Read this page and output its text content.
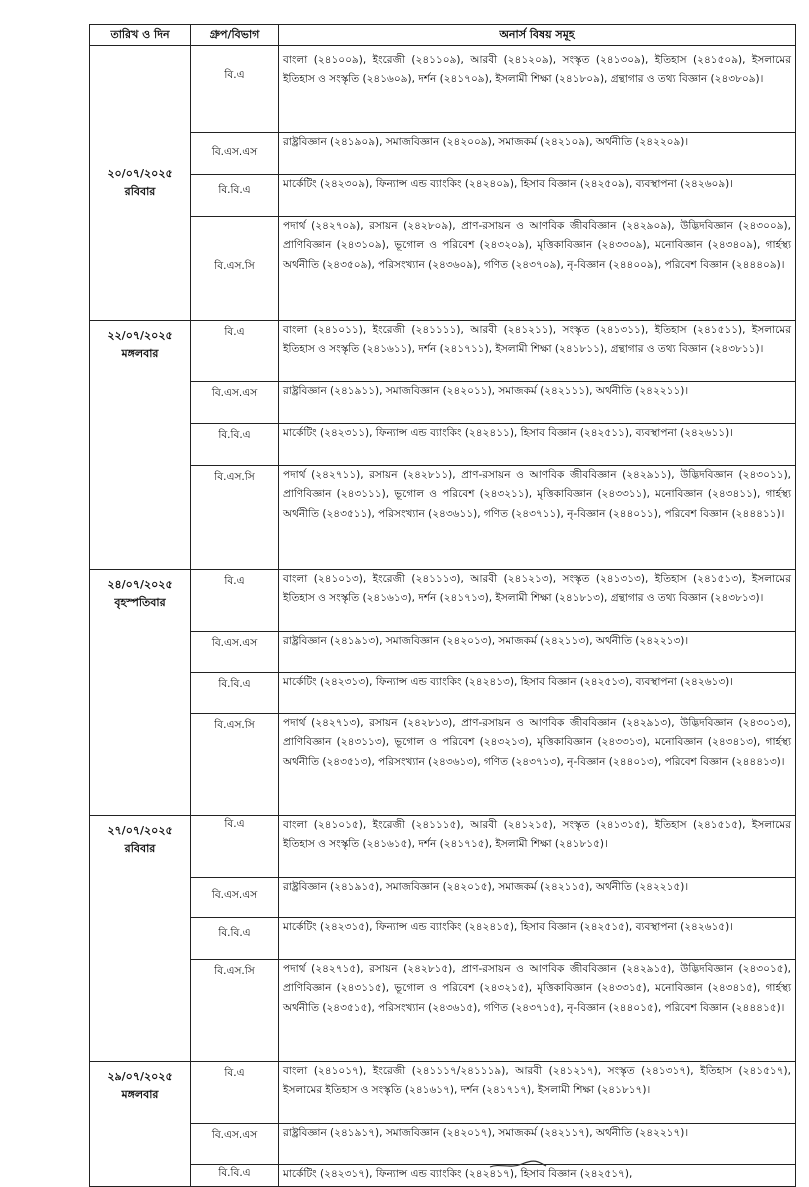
তারিখ ও দিন	গ্রুপ/বিভাগ	অনার্স বিষয় সমূহ

২০/০৭/২০২৫
রবিবার	বি.এ	বাংলা (২৪১০০৯), ইংরেজী (২৪১১০৯), আরবী (২৪১২০৯), সংস্কৃত (২৪১৩০৯), ইতিহাস (২৪১৫০৯), ইসলামের ইতিহাস ও সংস্কৃতি (২৪১৬০৯), দর্শন (২৪১৭০৯), ইসলামী শিক্ষা (২৪১৮০৯), গ্রন্থাগার ও তথ্য বিজ্ঞান (২৪৩৮০৯)।
	বি.এস.এস	রাষ্ট্রবিজ্ঞান (২৪১৯০৯), সমাজবিজ্ঞান (২৪২০০৯), সমাজকর্ম (২৪২১০৯), অর্থনীতি (২৪২২০৯)।
	বি.বি.এ	মার্কেটিং (২৪২৩০৯), ফিন্যান্স এন্ড ব্যাংকিং (২৪২৪০৯), হিসাব বিজ্ঞান (২৪২৫০৯), ব্যবস্থাপনা (২৪২৬০৯)।
	বি.এস.সি	পদার্থ (২৪২৭০৯), রসায়ন (২৪২৮০৯), প্রাণ-রসায়ন ও আণবিক জীববিজ্ঞান (২৪২৯০৯), উদ্ভিদবিজ্ঞান (২৪৩০০৯), প্রাণিবিজ্ঞান (২৪৩১০৯), ভূগোল ও পরিবেশ (২৪৩২০৯), মৃত্তিকাবিজ্ঞান (২৪৩৩০৯), মনোবিজ্ঞান (২৪৩৪০৯), গার্হস্থ্য অর্থনীতি (২৪৩৫০৯), পরিসংখ্যান (২৪৩৬০৯), গণিত (২৪৩৭০৯), নৃ-বিজ্ঞান (২৪৪০০৯), পরিবেশ বিজ্ঞান (২৪৪৪০৯)।

২২/০৭/২০২৫
মঙ্গলবার	বি.এ	বাংলা (২৪১০১১), ইংরেজী (২৪১১১১), আরবী (২৪১২১১), সংস্কৃত (২৪১৩১১), ইতিহাস (২৪১৫১১), ইসলামের ইতিহাস ও সংস্কৃতি (২৪১৬১১), দর্শন (২৪১৭১১), ইসলামী শিক্ষা (২৪১৮১১), গ্রন্থাগার ও তথ্য বিজ্ঞান (২৪৩৮১১)।
	বি.এস.এস	রাষ্ট্রবিজ্ঞান (২৪১৯১১), সমাজবিজ্ঞান (২৪২০১১), সমাজকর্ম (২৪২১১১), অর্থনীতি (২৪২২১১)।
	বি.বি.এ	মার্কেটিং (২৪২৩১১), ফিন্যান্স এন্ড ব্যাংকিং (২৪২৪১১), হিসাব বিজ্ঞান (২৪২৫১১), ব্যবস্থাপনা (২৪২৬১১)।
	বি.এস.সি	পদার্থ (২৪২৭১১), রসায়ন (২৪২৮১১), প্রাণ-রসায়ন ও আণবিক জীববিজ্ঞান (২৪২৯১১), উদ্ভিদবিজ্ঞান (২৪৩০১১), প্রাণিবিজ্ঞান (২৪৩১১১), ভূগোল ও পরিবেশ (২৪৩২১১), মৃত্তিকাবিজ্ঞান (২৪৩৩১১), মনোবিজ্ঞান (২৪৩৪১১), গার্হস্থ্য অর্থনীতি (২৪৩৫১১), পরিসংখ্যান (২৪৩৬১১), গণিত (২৪৩৭১১), নৃ-বিজ্ঞান (২৪৪০১১), পরিবেশ বিজ্ঞান (২৪৪৪১১)।

২৪/০৭/২০২৫
বৃহস্পতিবার	বি.এ	বাংলা (২৪১০১৩), ইংরেজী (২৪১১১৩), আরবী (২৪১২১৩), সংস্কৃত (২৪১৩১৩), ইতিহাস (২৪১৫১৩), ইসলামের ইতিহাস ও সংস্কৃতি (২৪১৬১৩), দর্শন (২৪১৭১৩), ইসলামী শিক্ষা (২৪১৮১৩), গ্রন্থাগার ও তথ্য বিজ্ঞান (২৪৩৮১৩)।
	বি.এস.এস	রাষ্ট্রবিজ্ঞান (২৪১৯১৩), সমাজবিজ্ঞান (২৪২০১৩), সমাজকর্ম (২৪২১১৩), অর্থনীতি (২৪২২১৩)।
	বি.বি.এ	মার্কেটিং (২৪২৩১৩), ফিন্যান্স এন্ড ব্যাংকিং (২৪২৪১৩), হিসাব বিজ্ঞান (২৪২৫১৩), ব্যবস্থাপনা (২৪২৬১৩)।
	বি.এস.সি	পদার্থ (২৪২৭১৩), রসায়ন (২৪২৮১৩), প্রাণ-রসায়ন ও আণবিক জীববিজ্ঞান (২৪২৯১৩), উদ্ভিদবিজ্ঞান (২৪৩০১৩), প্রাণিবিজ্ঞান (২৪৩১১৩), ভূগোল ও পরিবেশ (২৪৩২১৩), মৃত্তিকাবিজ্ঞান (২৪৩৩১৩), মনোবিজ্ঞান (২৪৩৪১৩), গার্হস্থ্য অর্থনীতি (২৪৩৫১৩), পরিসংখ্যান (২৪৩৬১৩), গণিত (২৪৩৭১৩), নৃ-বিজ্ঞান (২৪৪০১৩), পরিবেশ বিজ্ঞান (২৪৪৪১৩)।

২৭/০৭/২০২৫
রবিবার	বি.এ	বাংলা (২৪১০১৫), ইংরেজী (২৪১১১৫), আরবী (২৪১২১৫), সংস্কৃত (২৪১৩১৫), ইতিহাস (২৪১৫১৫), ইসলামের ইতিহাস ও সংস্কৃতি (২৪১৬১৫), দর্শন (২৪১৭১৫), ইসলামী শিক্ষা (২৪১৮১৫)।
	বি.এস.এস	রাষ্ট্রবিজ্ঞান (২৪১৯১৫), সমাজবিজ্ঞান (২৪২০১৫), সমাজকর্ম (২৪২১১৫), অর্থনীতি (২৪২২১৫)।
	বি.বি.এ	মার্কেটিং (২৪২৩১৫), ফিন্যান্স এন্ড ব্যাংকিং (২৪২৪১৫), হিসাব বিজ্ঞান (২৪২৫১৫), ব্যবস্থাপনা (২৪২৬১৫)।
	বি.এস.সি	পদার্থ (২৪২৭১৫), রসায়ন (২৪২৮১৫), প্রাণ-রসায়ন ও আণবিক জীববিজ্ঞান (২৪২৯১৫), উদ্ভিদবিজ্ঞান (২৪৩০১৫), প্রাণিবিজ্ঞান (২৪৩১১৫), ভূগোল ও পরিবেশ (২৪৩২১৫), মৃত্তিকাবিজ্ঞান (২৪৩৩১৫), মনোবিজ্ঞান (২৪৩৪১৫), গার্হস্থ্য অর্থনীতি (২৪৩৫১৫), পরিসংখ্যান (২৪৩৬১৫), গণিত (২৪৩৭১৫), নৃ-বিজ্ঞান (২৪৪০১৫), পরিবেশ বিজ্ঞান (২৪৪৪১৫)।

২৯/০৭/২০২৫
মঙ্গলবার	বি.এ	বাংলা (২৪১০১৭), ইংরেজী (২৪১১১৭/২৪১১১৯), আরবী (২৪১২১৭), সংস্কৃত (২৪১৩১৭), ইতিহাস (২৪১৫১৭), ইসলামের ইতিহাস ও সংস্কৃতি (২৪১৬১৭), দর্শন (২৪১৭১৭), ইসলামী শিক্ষা (২৪১৮১৭)।
	বি.এস.এস	রাষ্ট্রবিজ্ঞান (২৪১৯১৭), সমাজবিজ্ঞান (২৪২০১৭), সমাজকর্ম (২৪২১১৭), অর্থনীতি (২৪২২১৭)।
	বি.বি.এ	মার্কেটিং (২৪২৩১৭), ফিন্যান্স এন্ড ব্যাংকিং (২৪২৪১৭), হিসাব বিজ্ঞান (২৪২৫১৭),
